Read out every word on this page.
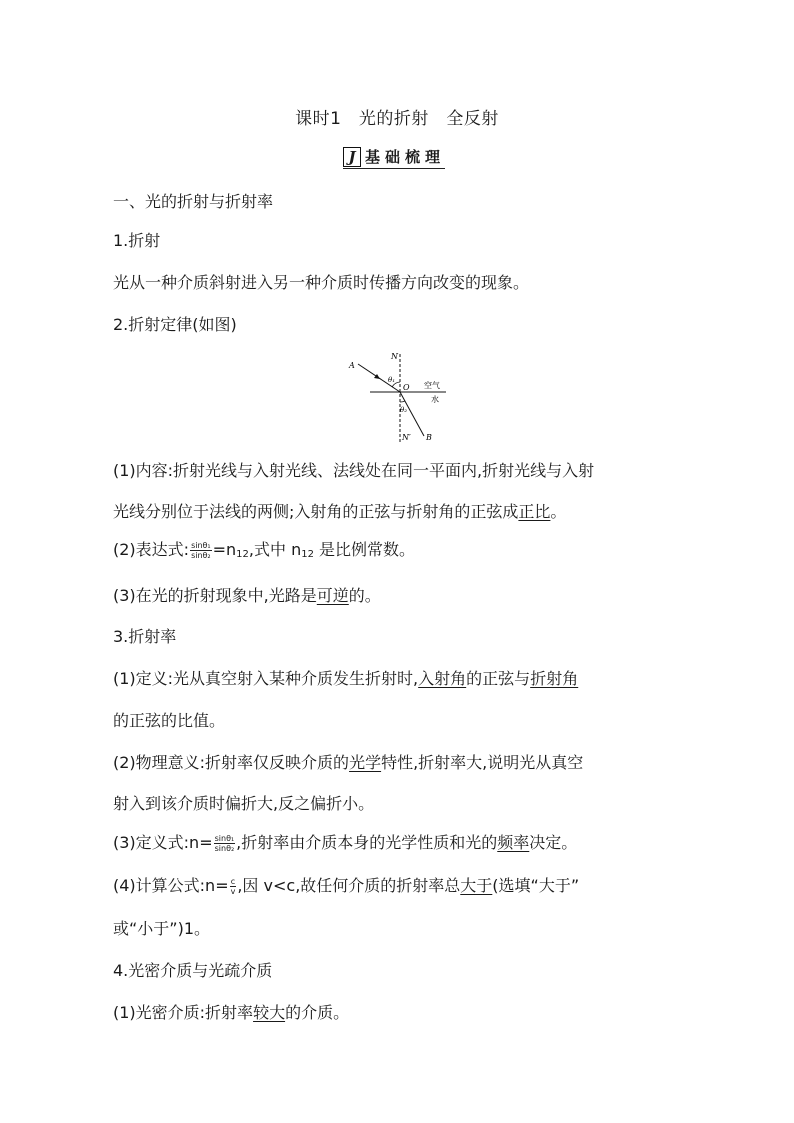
课时1　光的折射　全反射
J 基础梳理
一、光的折射与折射率
1.折射
光从一种介质斜射进入另一种介质时传播方向改变的现象。
2.折射定律(如图)
A
N
O
θ₁
θ₂
N′ B
空气
水
(1)内容:折射光线与入射光线、法线处在同一平面内,折射光线与入射
光线分别位于法线的两侧;入射角的正弦与折射角的正弦成正比。
(2)表达式: $\frac{\text{sinθ₁}}{\text{sinθ₂}} =n_{12}$,式中 $n_{12}$ 是比例常数。
(3)在光的折射现象中,光路是可逆的。
3.折射率
(1)定义:光从真空射入某种介质发生折射时,入射角的正弦与折射角
的正弦的比值。
(2)物理意义:折射率仅反映介质的光学特性,折射率大,说明光从真空
射入到该介质时偏折大,反之偏折小。
(3)定义式:n= $\frac{\text{sinθ₁}}{\text{sinθ₂}}$ ,折射率由介质本身的光学性质和光的频率决定。
(4)计算公式:n= $\frac{c}{v}$ ,因 v<c,故任何介质的折射率总大于(选填“大于”
或“小于”)1。
4.光密介质与光疏介质
(1)光密介质:折射率较大的介质。
